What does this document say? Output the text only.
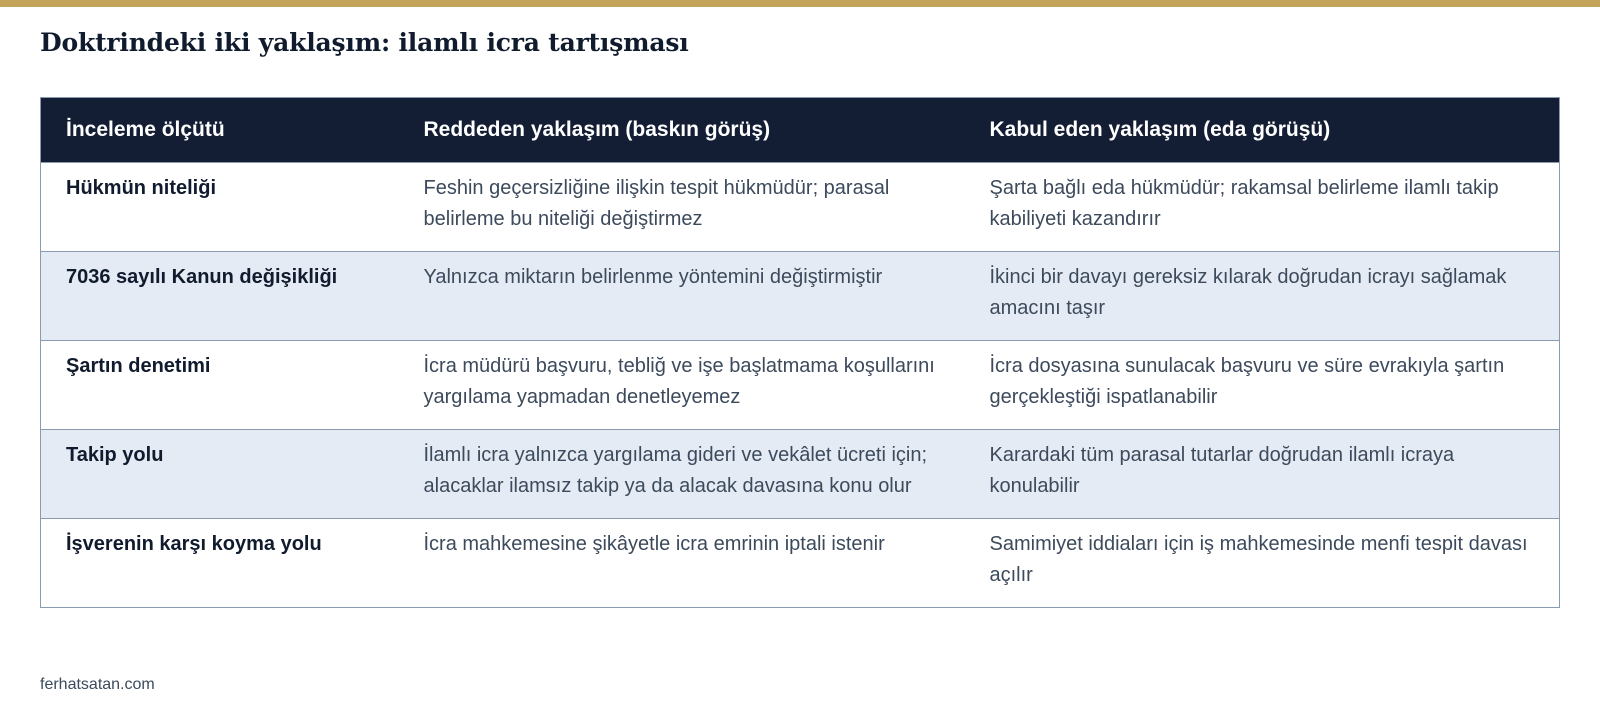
Doktrindeki iki yaklaşım: ilamlı icra tartışması
İnceleme ölçütü	Reddeden yaklaşım (baskın görüş)	Kabul eden yaklaşım (eda görüşü)
Hükmün niteliği	Feshin geçersizliğine ilişkin tespit hükmüdür; parasal belirleme bu niteliği değiştirmez	Şarta bağlı eda hükmüdür; rakamsal belirleme ilamlı takip kabiliyeti kazandırır
7036 sayılı Kanun değişikliği	Yalnızca miktarın belirlenme yöntemini değiştirmiştir	İkinci bir davayı gereksiz kılarak doğrudan icrayı sağlamak amacını taşır
Şartın denetimi	İcra müdürü başvuru, tebliğ ve işe başlatmama koşullarını yargılama yapmadan denetleyemez	İcra dosyasına sunulacak başvuru ve süre evrakıyla şartın gerçekleştiği ispatlanabilir
Takip yolu	İlamlı icra yalnızca yargılama gideri ve vekâlet ücreti için; alacaklar ilamsız takip ya da alacak davasına konu olur	Karardaki tüm parasal tutarlar doğrudan ilamlı icraya konulabilir
İşverenin karşı koyma yolu	İcra mahkemesine şikâyetle icra emrinin iptali istenir	Samimiyet iddiaları için iş mahkemesinde menfi tespit davası açılır
ferhatsatan.com
